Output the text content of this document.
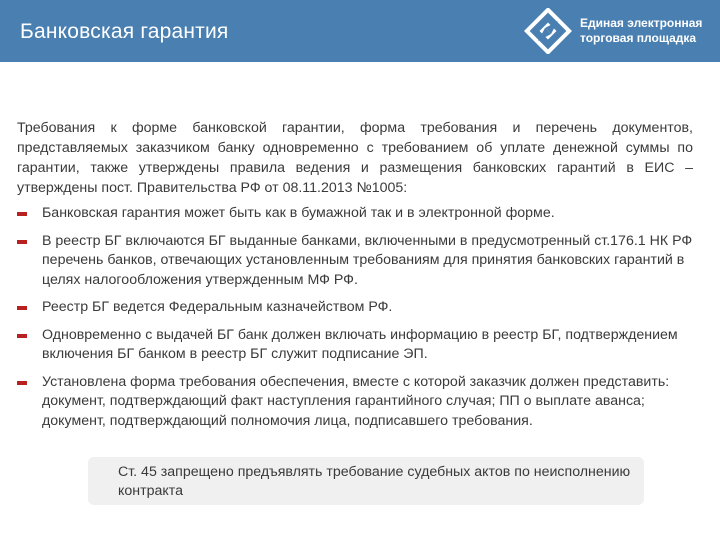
Банковская гарантия	Единая электронная
торговая площадка

Требования к форме банковской гарантии, форма требования и перечень документов, представляемых заказчиком банку одновременно с требованием об уплате денежной суммы по гарантии, также утверждены правила ведения и размещения банковских гарантий в ЕИС – утверждены пост. Правительства РФ от 08.11.2013 №1005:

Банковская гарантия может быть как в бумажной так и в электронной форме.
В реестр БГ включаются БГ выданные банками, включенными в предусмотренный ст.176.1 НК РФ перечень банков, отвечающих установленным требованиям для принятия банковских гарантий в целях налогообложения утвержденным МФ РФ.
Реестр БГ ведется Федеральным казначейством РФ.
Одновременно с выдачей БГ банк должен включать информацию в реестр БГ, подтверждением включения БГ банком в реестр БГ служит подписание ЭП.
Установлена форма требования обеспечения, вместе с которой заказчик должен представить: документ, подтверждающий факт наступления гарантийного случая; ПП о выплате аванса; документ, подтверждающий полномочия лица, подписавшего требования.
Ст. 45 запрещено предъявлять требование судебных актов по неисполнению контракта
